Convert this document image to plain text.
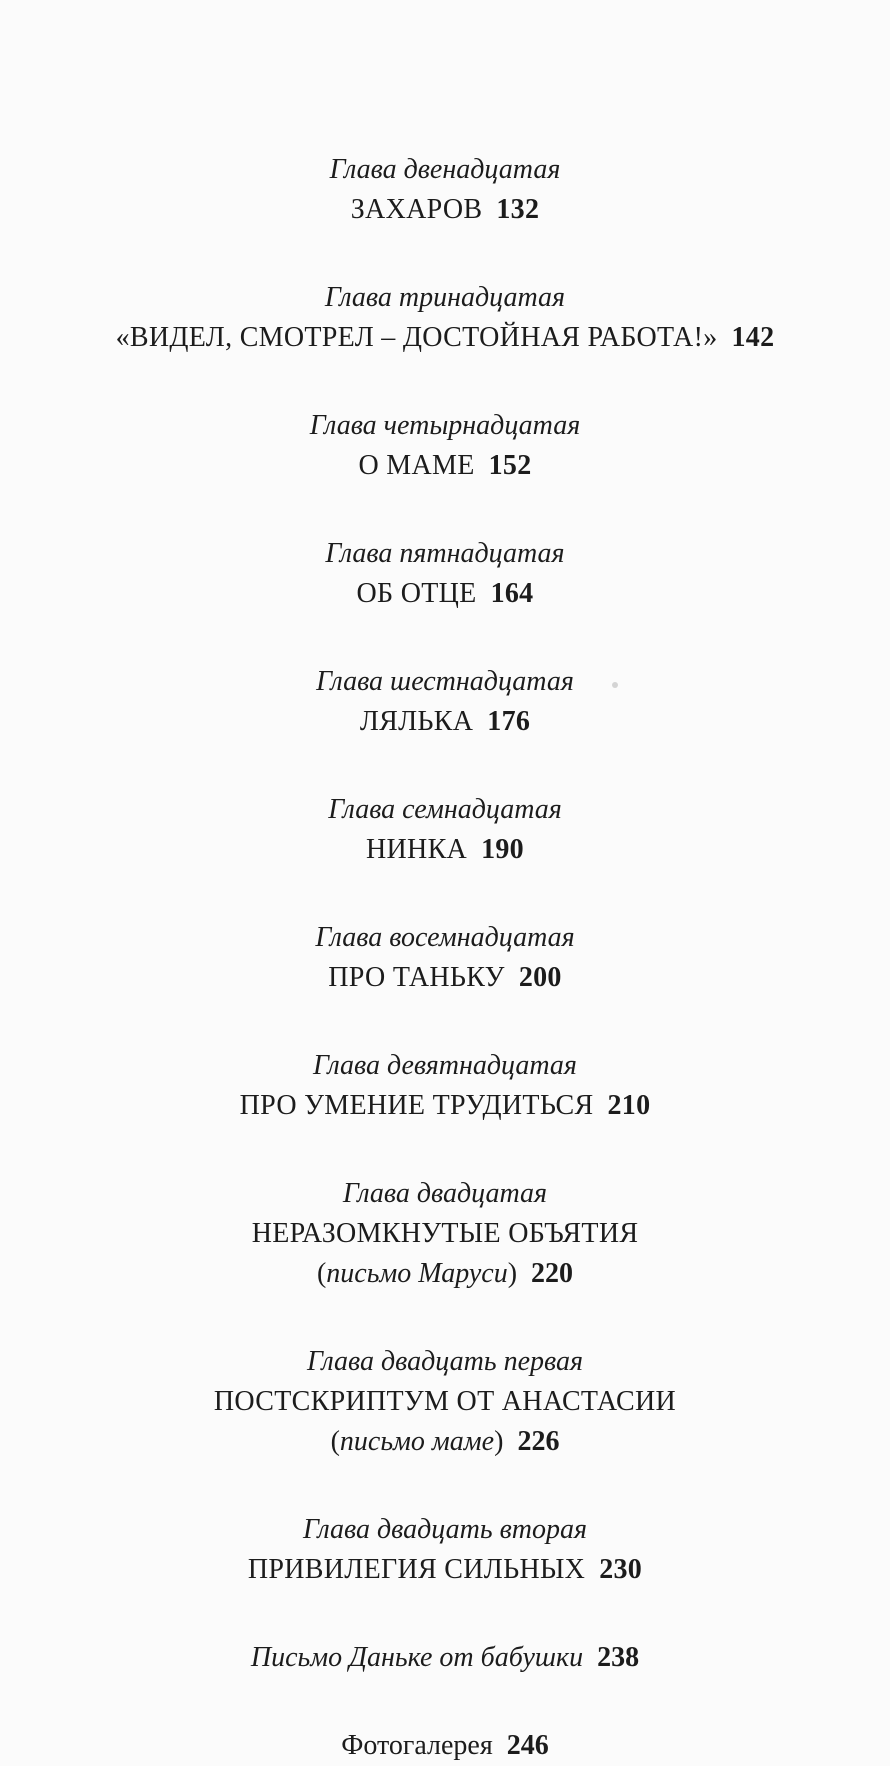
Глава двенадцатая
ЗАХАРОВ 132
Глава тринадцатая
«ВИДЕЛ, СМОТРЕЛ – ДОСТОЙНАЯ РАБОТА!» 142
Глава четырнадцатая
О МАМЕ 152
Глава пятнадцатая
ОБ ОТЦЕ 164
Глава шестнадцатая
ЛЯЛЬКА 176
Глава семнадцатая
НИНКА 190
Глава восемнадцатая
ПРО ТАНЬКУ 200
Глава девятнадцатая
ПРО УМЕНИЕ ТРУДИТЬСЯ 210
Глава двадцатая
НЕРАЗОМКНУТЫЕ ОБЪЯТИЯ
(письмо Маруси) 220
Глава двадцать первая
ПОСТСКРИПТУМ ОТ АНАСТАСИИ
(письмо маме) 226
Глава двадцать вторая
ПРИВИЛЕГИЯ СИЛЬНЫХ 230
Письмо Даньке от бабушки 238
Фотогалерея 246
